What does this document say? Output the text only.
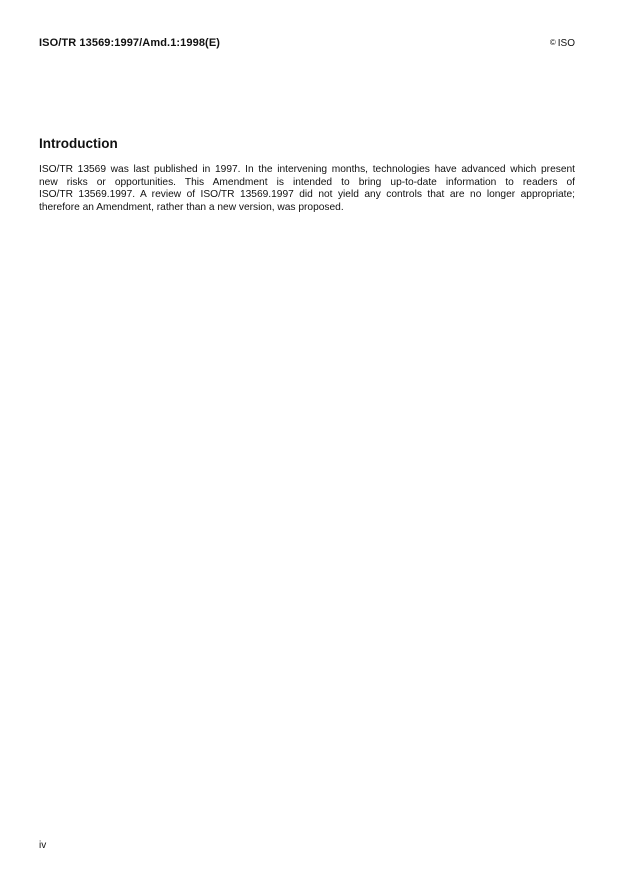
ISO/TR 13569:1997/Amd.1:1998(E)	© ISO
Introduction
ISO/TR 13569 was last published in 1997. In the intervening months, technologies have advanced which present
new risks or opportunities. This Amendment is intended to bring up-to-date information to readers of
ISO/TR 13569.1997. A review of ISO/TR 13569.1997 did not yield any controls that are no longer appropriate;
therefore an Amendment, rather than a new version, was proposed.
iv
